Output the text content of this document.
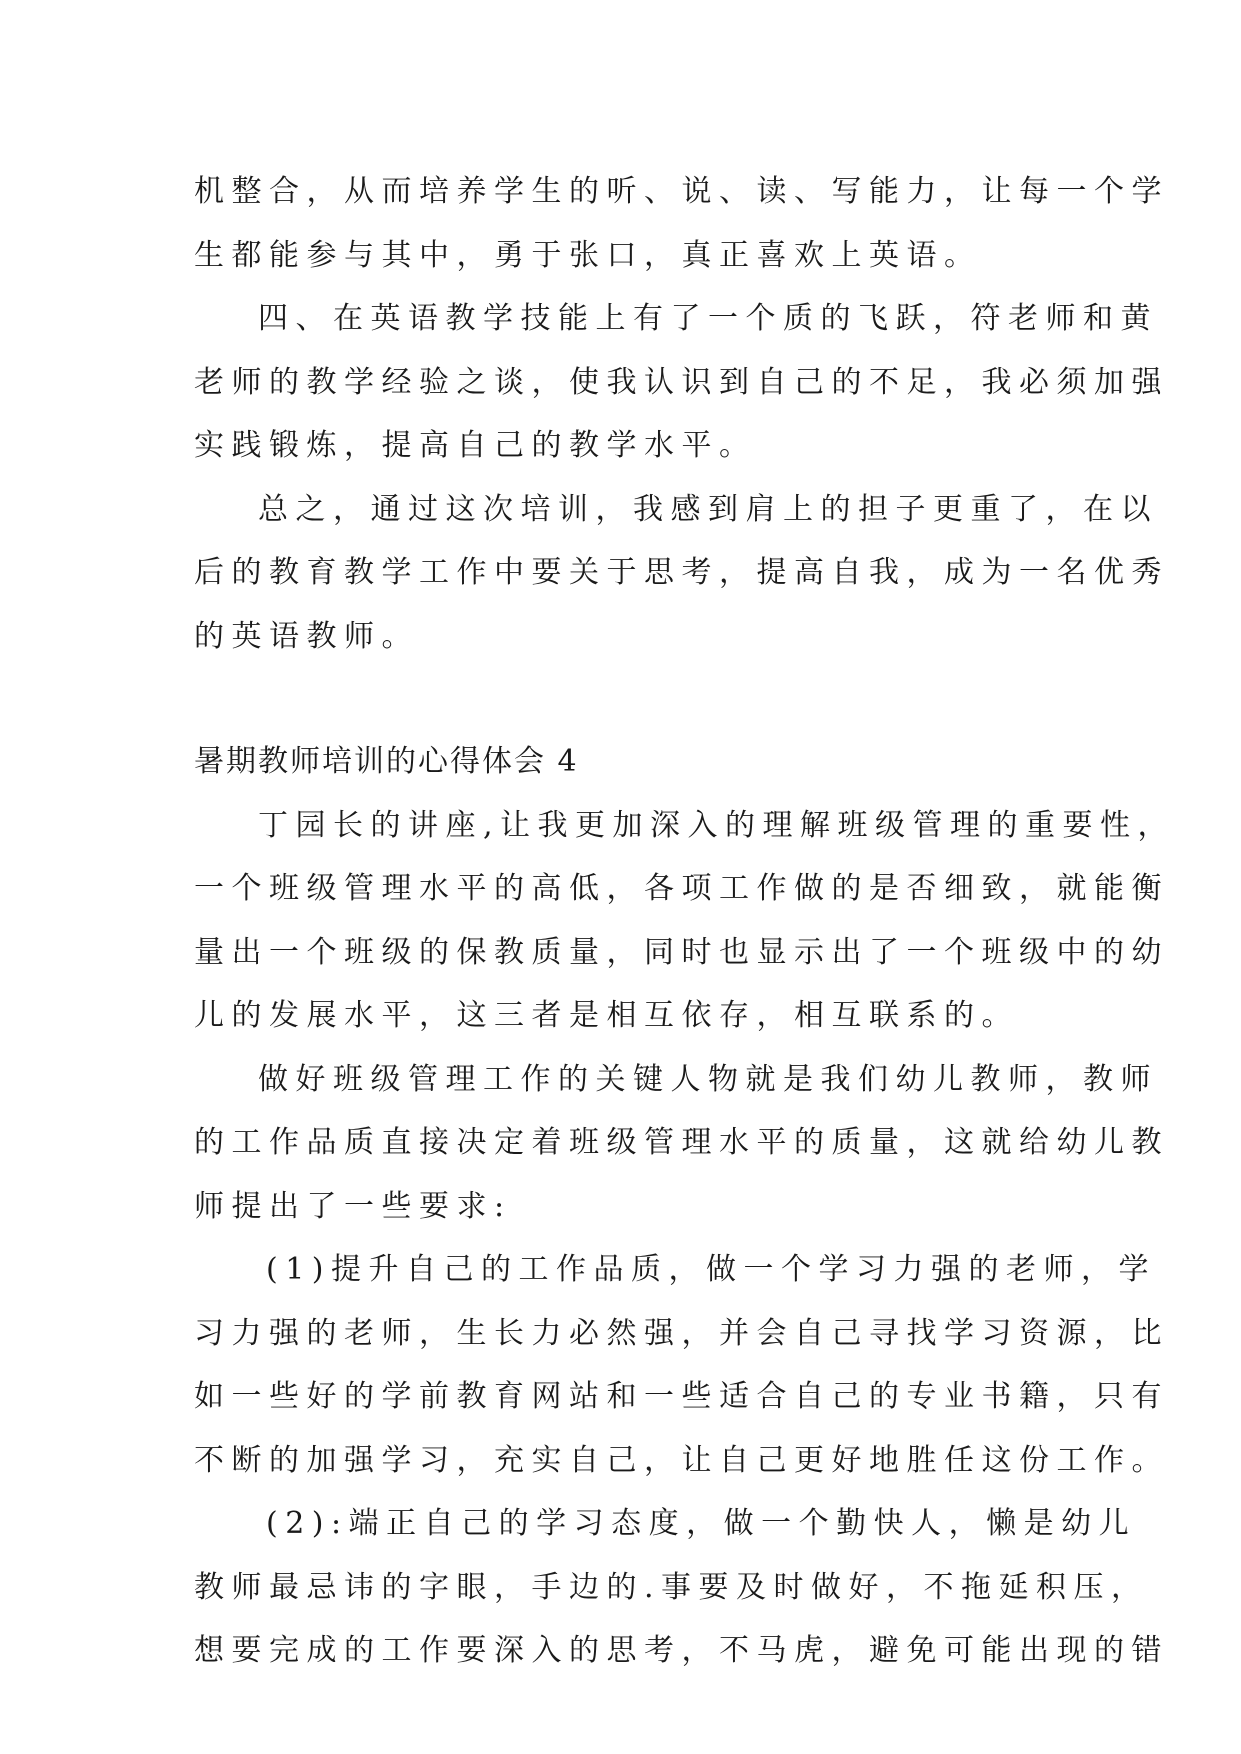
机整合，从而培养学生的听、说、读、写能力，让每一个学
生都能参与其中，勇于张口，真正喜欢上英语。
四、在英语教学技能上有了一个质的飞跃，符老师和黄
老师的教学经验之谈，使我认识到自己的不足，我必须加强
实践锻炼，提高自己的教学水平。
总之，通过这次培训，我感到肩上的担子更重了，在以
后的教育教学工作中要关于思考，提高自我，成为一名优秀
的英语教师。
暑期教师培训的心得体会 4
丁园长的讲座,让我更加深入的理解班级管理的重要性，
一个班级管理水平的高低，各项工作做的是否细致，就能衡
量出一个班级的保教质量，同时也显示出了一个班级中的幼
儿的发展水平，这三者是相互依存，相互联系的。
做好班级管理工作的关键人物就是我们幼儿教师，教师
的工作品质直接决定着班级管理水平的质量，这就给幼儿教
师提出了一些要求:
(1)提升自己的工作品质，做一个学习力强的老师，学
习力强的老师，生长力必然强，并会自己寻找学习资源，比
如一些好的学前教育网站和一些适合自己的专业书籍，只有
不断的加强学习，充实自己，让自己更好地胜任这份工作。
(2):端正自己的学习态度，做一个勤快人，懒是幼儿
教师最忌讳的字眼，手边的.事要及时做好，不拖延积压，
想要完成的工作要深入的思考，不马虎，避免可能出现的错
